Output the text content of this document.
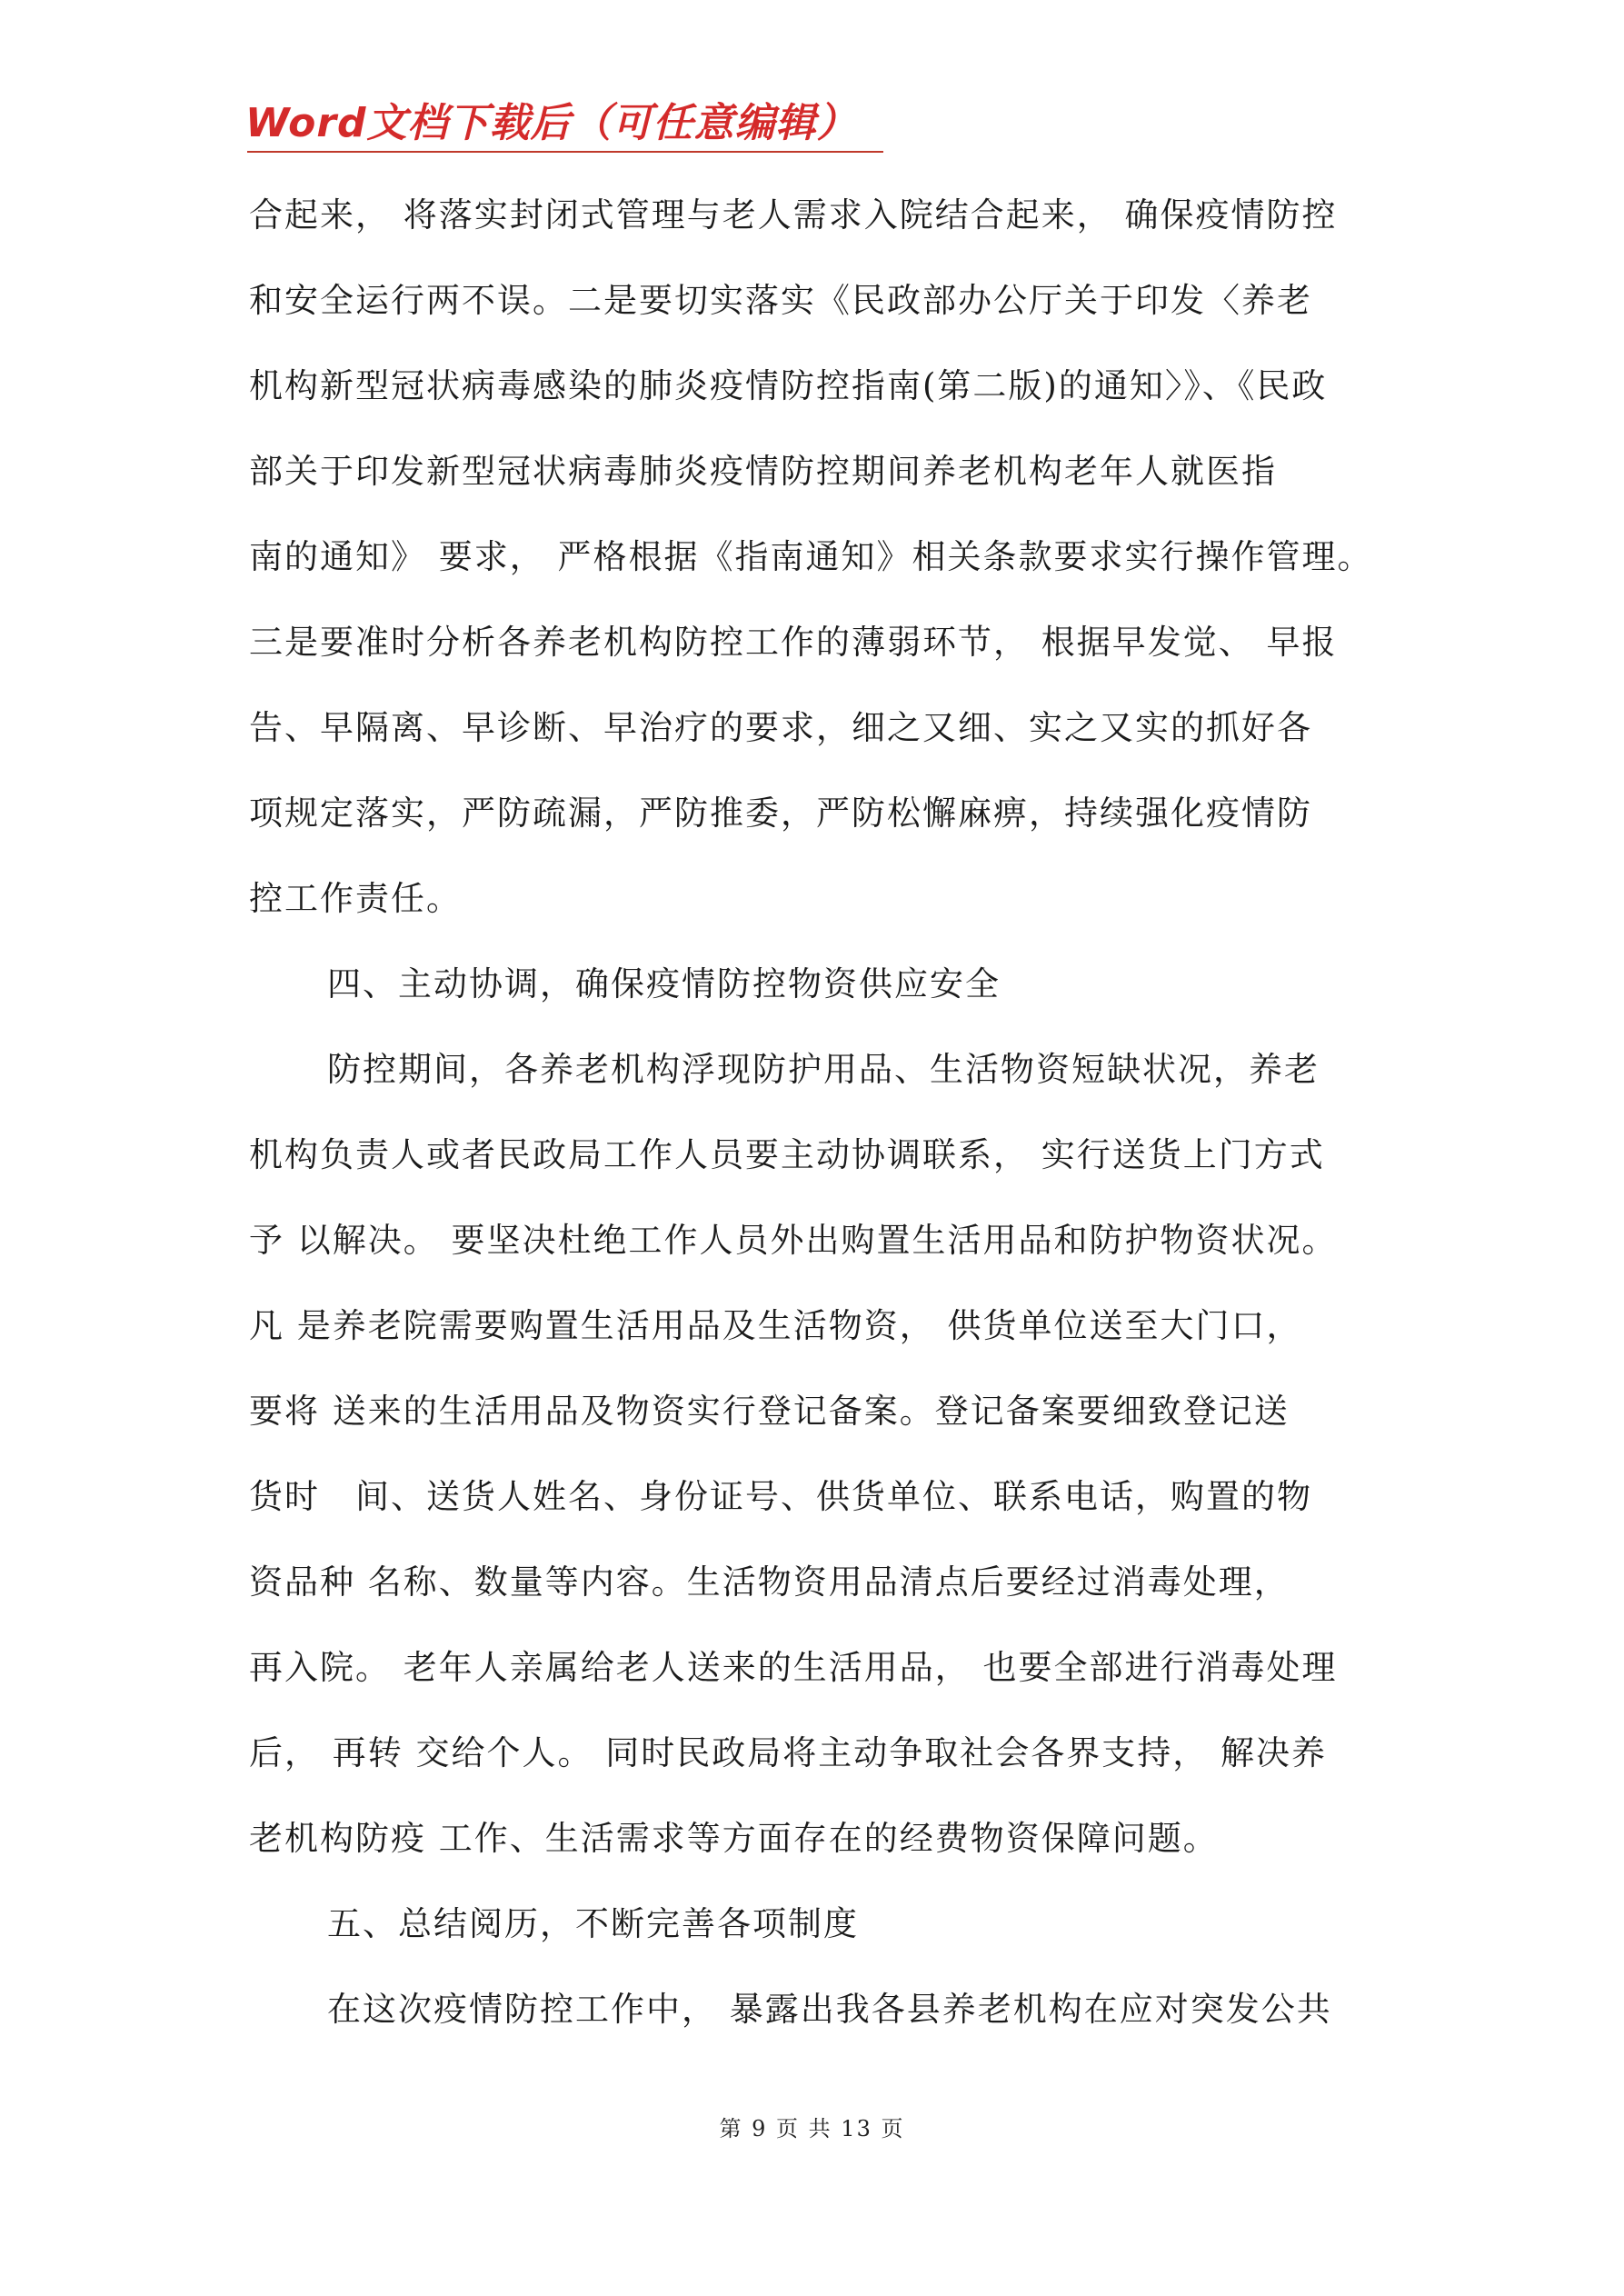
Word文档下载后（可任意编辑）
合起来， 将落实封闭式管理与老人需求入院结合起来， 确保疫情防控
和安全运行两不误。二是要切实落实《民政部办公厅关于印发〈养老
机构新型冠状病毒感染的肺炎疫情防控指南(第二版)的通知〉》、《民政
部关于印发新型冠状病毒肺炎疫情防控期间养老机构老年人就医指
南的通知》 要求， 严格根据《指南通知》相关条款要求实行操作管理。
三是要准时分析各养老机构防控工作的薄弱环节， 根据早发觉、 早报
告、早隔离、早诊断、早治疗的要求，细之又细、实之又实的抓好各
项规定落实，严防疏漏，严防推委，严防松懈麻痹，持续强化疫情防
控工作责任。
四、主动协调，确保疫情防控物资供应安全
防控期间，各养老机构浮现防护用品、生活物资短缺状况，养老
机构负责人或者民政局工作人员要主动协调联系， 实行送货上门方式
予 以解决。 要坚决杜绝工作人员外出购置生活用品和防护物资状况。
凡 是养老院需要购置生活用品及生活物资， 供货单位送至大门口，
要将 送来的生活用品及物资实行登记备案。登记备案要细致登记送
货时　间、送货人姓名、身份证号、供货单位、联系电话，购置的物
资品种 名称、数量等内容。生活物资用品清点后要经过消毒处理，
再入院。 老年人亲属给老人送来的生活用品， 也要全部进行消毒处理
后， 再转 交给个人。 同时民政局将主动争取社会各界支持， 解决养
老机构防疫 工作、生活需求等方面存在的经费物资保障问题。
五、总结阅历，不断完善各项制度
在这次疫情防控工作中， 暴露出我各县养老机构在应对突发公共
第 9 页 共 13 页
